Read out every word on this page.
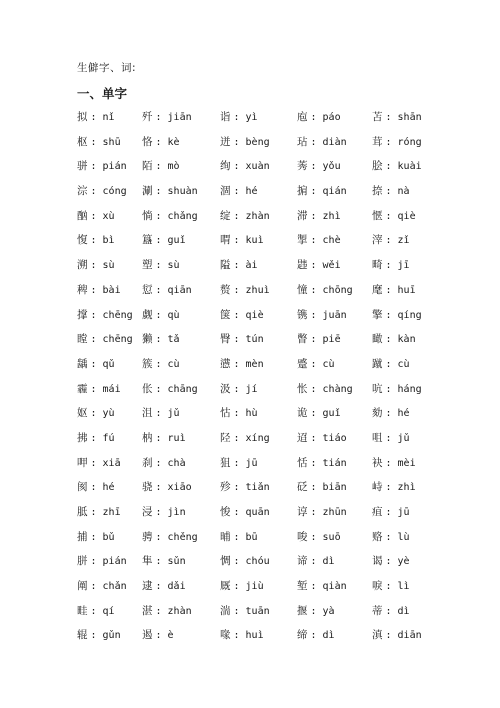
生僻字、词:
一、单字
拟 : nǐ	歼 : jiān	诣 : yì	庖 : páo	苫 : shān
枢 : shū 恪 : kè	迸 : bèng	玷 : diàn 茸 : róng
骈 : pián 陌 : mò	绚 : xuàn	莠 : yǒu	脍 : kuài
淙 : cóng 涮 : shuàn 涸 : hé	掮 : qián 捺 : nà
酗 : xù	惝 : chǎng 绽 : zhàn	滞 : zhì	惬 : qiè
愎 : bì	簋 : guǐ	喟 : kuì	掣 : chè	滓 : zǐ
溯 : sù	塑 : sù	隘 : ài	韪 : wěi	畸 : jī
稗 : bài 愆 : qiān	赘 : zhuì	憧 : chōng 麾 : huī
撑 : chēng 觑 : qù	箧 : qiè	镌 : juān 擎 : qíng
瞠 : chēng 獭 : tǎ	臀 : tún	瞥 : piē	瞰 : kàn
龋 : qǔ	簇 : cù	懑 : mèn	蹙 : cù	蹴 : cù
霾 : mái 伥 : chāng 汲 : jí	怅 : chàng 吭 : háng
妪 : yù	沮 : jǔ	怙 : hù	诡 : guǐ	劾 : hé
拂 : fú	枘 : ruì	陉 : xíng	迢 : tiáo 咀 : jǔ
呷 : xiā 刹 : chà	狙 : jū	恬 : tián 袂 : mèi
阂 : hé	骁 : xiāo	殄 : tiǎn	砭 : biān 峙 : zhì
胝 : zhī 浸 : jìn	悛 : quān	谆 : zhūn 疽 : jū
捕 : bǔ	骋 : chěng 晡 : bū	唆 : suō	赂 : lù
胼 : pián 隼 : sǔn	惆 : chóu	谛 : dì	谒 : yè
阐 : chǎn 逮 : dǎi	厩 : jiù	堑 : qiàn 唳 : lì
畦 : qí	湛 : zhàn	湍 : tuān	揠 : yà	蒂 : dì
辊 : gǔn 遏 : è	喙 : huì	缔 : dì	滇 : diān
